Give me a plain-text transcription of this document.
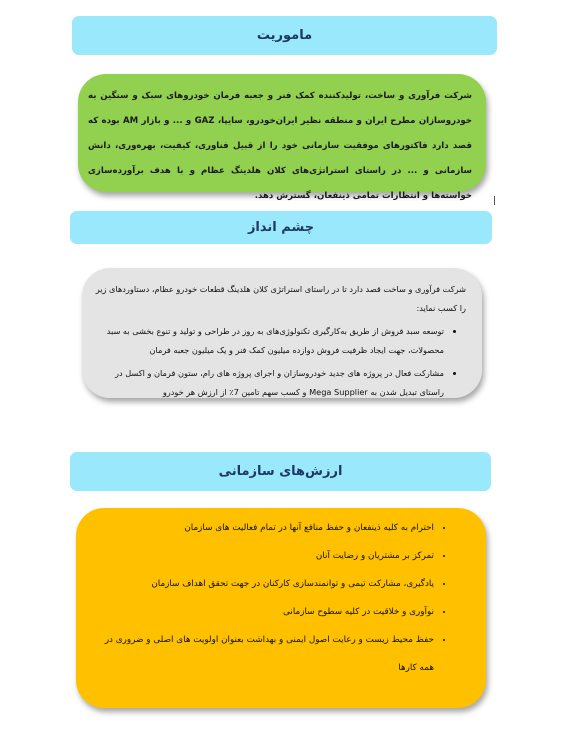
ماموریت
شرکت فرآوری و ساخت، تولیدکننده کمک فنر و جعبه فرمان خودروهای سبک و سنگین به خودروسازان مطرح ایران و منطقه نظیر ایران‌خودرو، سایپا، GAZ و ... و بازار AM بوده که قصد دارد فاکتورهای موفقیت سازمانی خود را از قبیل فناوری، کیفیت، بهره‌وری، دانش سازمانی و ... در راستای استراتژی‌های کلان هلدینگ عظام و با هدف برآورده‌سازی خواسته‌ها و انتظارات تمامی ذینفعان، گسترش دهد.
چشم انداز

شرکت فرآوری و ساخت قصد دارد تا در راستای استراتژی کلان هلدینگ قطعات خودرو عظام، دستاوردهای زیر را کسب نماید:

• توسعه سبد فروش از طریق به‌کارگیری تکنولوژی‌های به روز در طراحی و تولید و تنوع بخشی به سبد محصولات، جهت ایجاد ظرفیت فروش دوازده میلیون کمک فنر و یک میلیون جعبه فرمان
• مشارکت فعال در پروژه های جدید خودروسازان و اجرای پروژه های رام، ستون فرمان و اکسل در راستای تبدیل شدن به Mega Supplier و کسب سهم تامین 7٪ از ارزش هر خودرو
ارزش‌های سازمانی
• احترام به کلیه ذینفعان و حفظ منافع آنها در تمام فعالیت های سازمان
• تمرکز بر مشتریان و رضایت آنان
• یادگیری، مشارکت تیمی و توانمندسازی کارکنان در جهت تحقق اهداف سازمان
• نوآوری و خلاقیت در کلیه سطوح سازمانی
• حفظ محیط زیست و رعایت اصول ایمنی و بهداشت بعنوان اولویت های اصلی و ضروری در همه کارها
